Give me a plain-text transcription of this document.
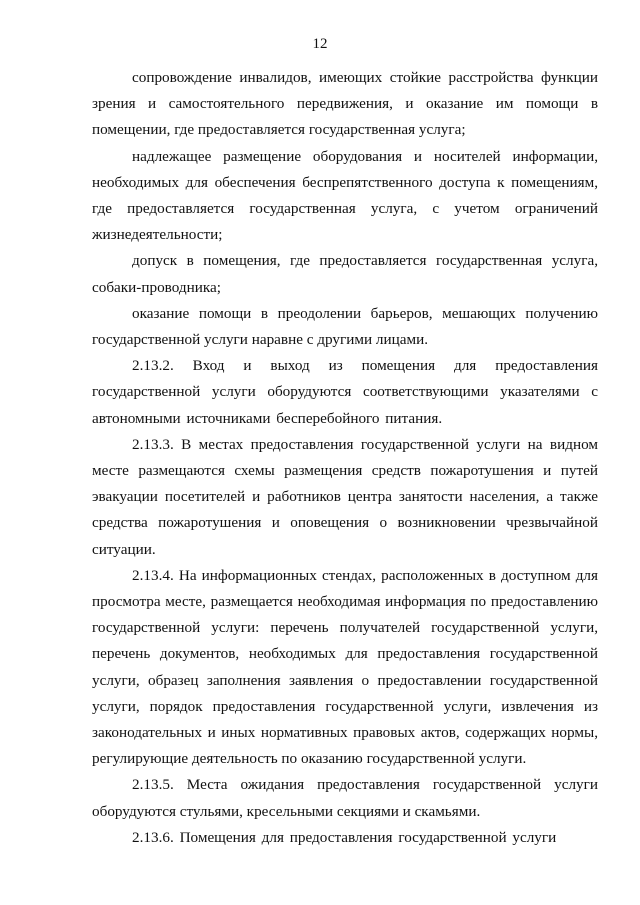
12

сопровождение инвалидов, имеющих стойкие расстройства функции зрения и самостоятельного передвижения, и оказание им помощи в помещении, где предоставляется государственная услуга;

надлежащее размещение оборудования и носителей информации, необходимых для обеспечения беспрепятственного доступа к помещениям, где предоставляется государственная услуга, с учетом ограничений жизнедеятельности;

допуск в помещения, где предоставляется государственная услуга, собаки-проводника;

оказание помощи в преодолении барьеров, мешающих получению государственной услуги наравне с другими лицами.

2.13.2. Вход и выход из помещения для предоставления государственной услуги оборудуются соответствующими указателями с автономными источниками бесперебойного питания.

2.13.3. В местах предоставления государственной услуги на видном месте размещаются схемы размещения средств пожаротушения и путей эвакуации посетителей и работников центра занятости населения, а также средства пожаротушения и оповещения о возникновении чрезвычайной ситуации.

2.13.4. На информационных стендах, расположенных в доступном для просмотра месте, размещается необходимая информация по предоставлению государственной услуги: перечень получателей государственной услуги, перечень документов, необходимых для предоставления государственной услуги, образец заполнения заявления о предоставлении государственной услуги, порядок предоставления государственной услуги, извлечения из законодательных и иных нормативных правовых актов, содержащих нормы, регулирующие деятельность по оказанию государственной услуги.

2.13.5. Места ожидания предоставления государственной услуги оборудуются стульями, кресельными секциями и скамьями.

2.13.6. Помещения для предоставления государственной услуги
